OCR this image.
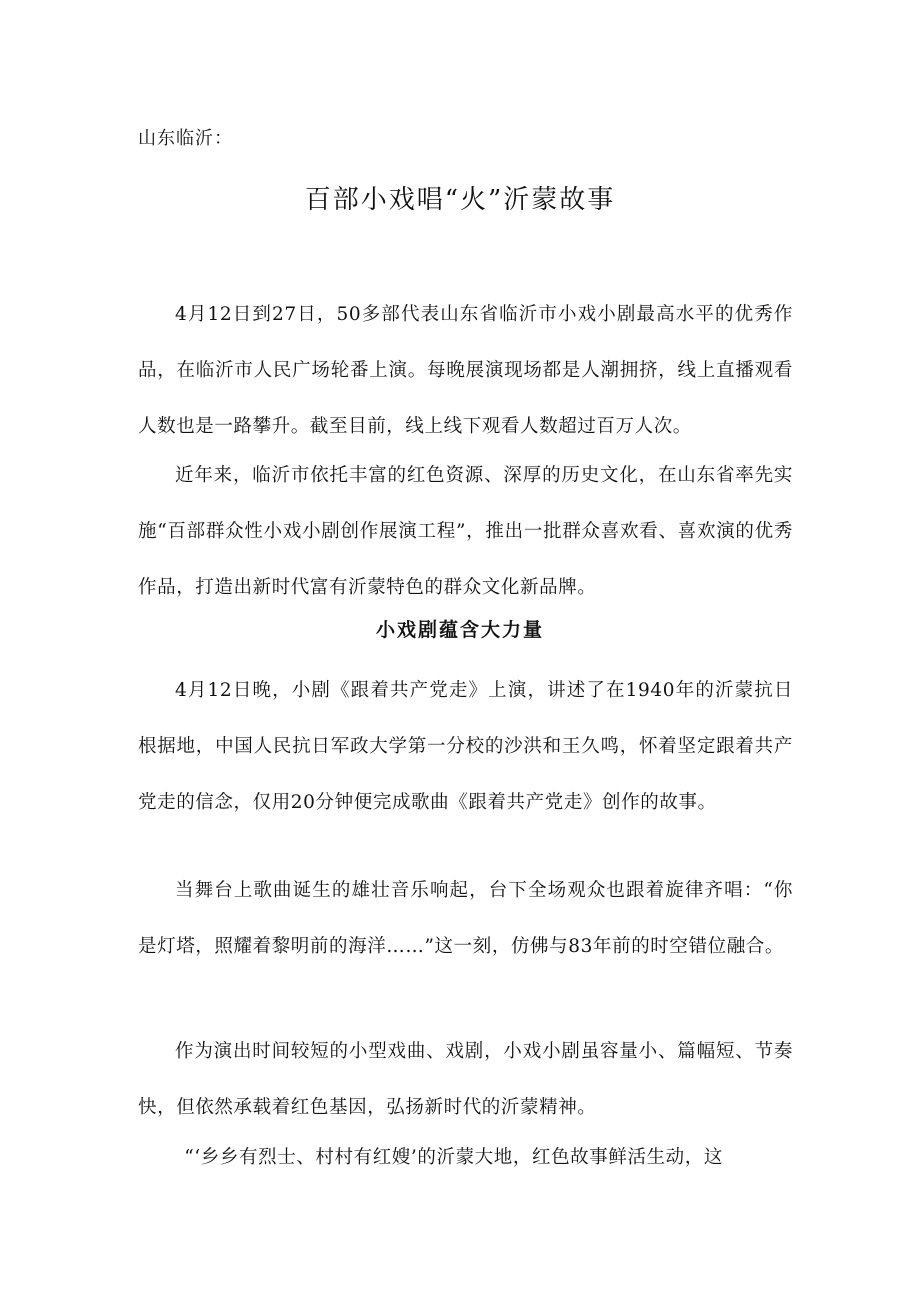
山东临沂：
百部小戏唱“火”沂蒙故事

4月12日到27日，50多部代表山东省临沂市小戏小剧最高水平的优秀作品，在临沂市人民广场轮番上演。每晚展演现场都是人潮拥挤，线上直播观看人数也是一路攀升。截至目前，线上线下观看人数超过百万人次。

近年来，临沂市依托丰富的红色资源、深厚的历史文化，在山东省率先实施“百部群众性小戏小剧创作展演工程”，推出一批群众喜欢看、喜欢演的优秀作品，打造出新时代富有沂蒙特色的群众文化新品牌。

小戏剧蕴含大力量

4月12日晚，小剧《跟着共产党走》上演，讲述了在1940年的沂蒙抗日根据地，中国人民抗日军政大学第一分校的沙洪和王久鸣，怀着坚定跟着共产党走的信念，仅用20分钟便完成歌曲《跟着共产党走》创作的故事。

当舞台上歌曲诞生的雄壮音乐响起，台下全场观众也跟着旋律齐唱：“你是灯塔，照耀着黎明前的海洋……”这一刻，仿佛与83年前的时空错位融合。

作为演出时间较短的小型戏曲、戏剧，小戏小剧虽容量小、篇幅短、节奏快，但依然承载着红色基因，弘扬新时代的沂蒙精神。

“‘乡乡有烈士、村村有红嫂’的沂蒙大地，红色故事鲜活生动，这
